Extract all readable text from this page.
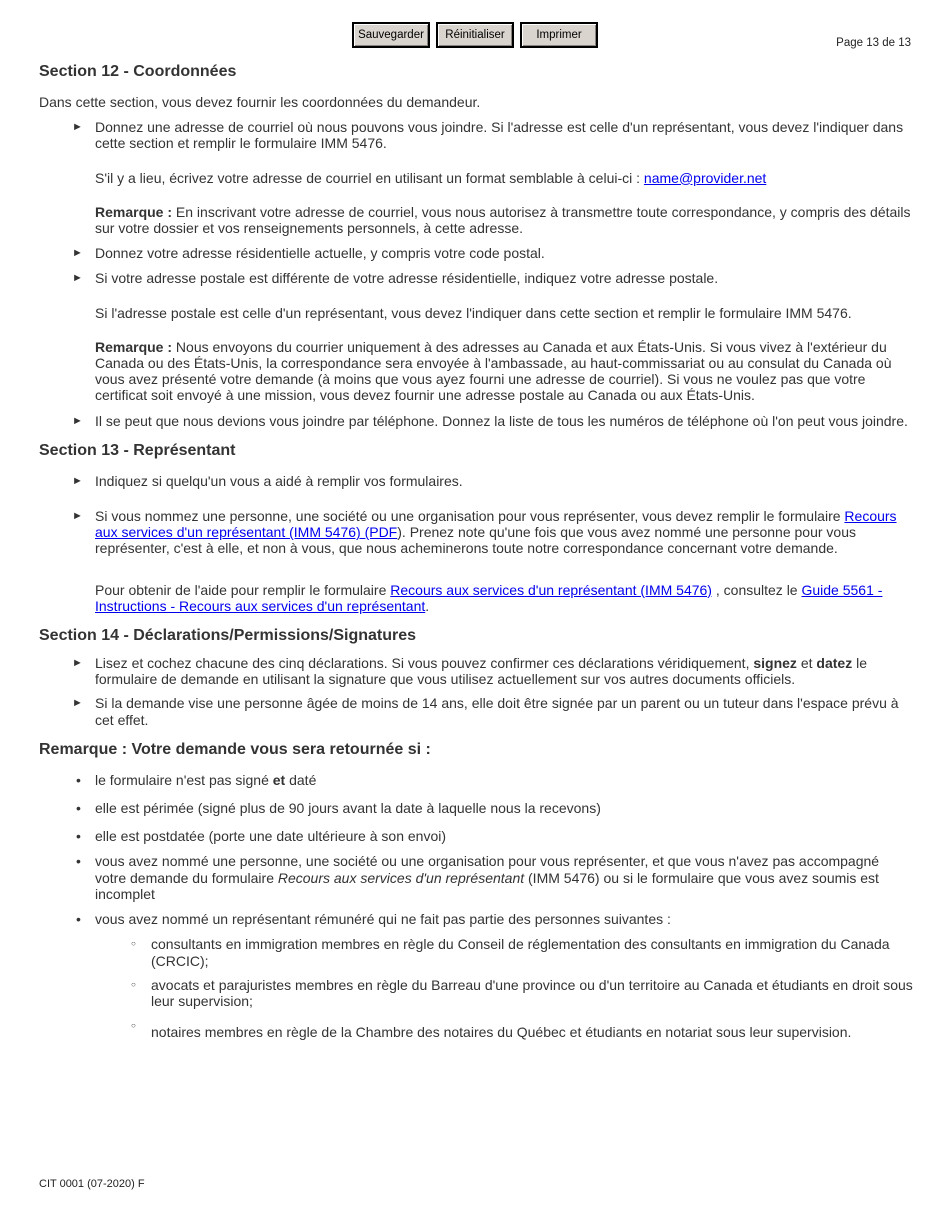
Sauvegarder	Réinitialiser	Imprimer
Page 13 de 13
Section 12 - Coordonnées

Dans cette section, vous devez fournir les coordonnées du demandeur.

► Donnez une adresse de courriel où nous pouvons vous joindre. Si l'adresse est celle d'un représentant, vous devez l'indiquer dans cette section et remplir le formulaire IMM 5476.

S'il y a lieu, écrivez votre adresse de courriel en utilisant un format semblable à celui-ci : name@provider.net

Remarque : En inscrivant votre adresse de courriel, vous nous autorisez à transmettre toute correspondance, y compris des détails sur votre dossier et vos renseignements personnels, à cette adresse.

► Donnez votre adresse résidentielle actuelle, y compris votre code postal.

► Si votre adresse postale est différente de votre adresse résidentielle, indiquez votre adresse postale.

Si l'adresse postale est celle d'un représentant, vous devez l'indiquer dans cette section et remplir le formulaire IMM 5476.

Remarque : Nous envoyons du courrier uniquement à des adresses au Canada et aux États-Unis. Si vous vivez à l'extérieur du Canada ou des États-Unis, la correspondance sera envoyée à l'ambassade, au haut-commissariat ou au consulat du Canada où vous avez présenté votre demande (à moins que vous ayez fourni une adresse de courriel). Si vous ne voulez pas que votre certificat soit envoyé à une mission, vous devez fournir une adresse postale au Canada ou aux États-Unis.

► Il se peut que nous devions vous joindre par téléphone. Donnez la liste de tous les numéros de téléphone où l'on peut vous joindre.

Section 13 - Représentant

► Indiquez si quelqu'un vous a aidé à remplir vos formulaires.

► Si vous nommez une personne, une société ou une organisation pour vous représenter, vous devez remplir le formulaire Recours aux services d'un représentant (IMM 5476) (PDF). Prenez note qu'une fois que vous avez nommé une personne pour vous représenter, c'est à elle, et non à vous, que nous acheminerons toute notre correspondance concernant votre demande.

Pour obtenir de l'aide pour remplir le formulaire Recours aux services d'un représentant (IMM 5476) , consultez le Guide 5561 - Instructions - Recours aux services d'un représentant.

Section 14 - Déclarations/Permissions/Signatures

► Lisez et cochez chacune des cinq déclarations. Si vous pouvez confirmer ces déclarations véridiquement, signez et datez le formulaire de demande en utilisant la signature que vous utilisez actuellement sur vos autres documents officiels.

► Si la demande vise une personne âgée de moins de 14 ans, elle doit être signée par un parent ou un tuteur dans l'espace prévu à cet effet.

Remarque : Votre demande vous sera retournée si :

• le formulaire n'est pas signé et daté

• elle est périmée (signé plus de 90 jours avant la date à laquelle nous la recevons)

• elle est postdatée (porte une date ultérieure à son envoi)

• vous avez nommé une personne, une société ou une organisation pour vous représenter, et que vous n'avez pas accompagné votre demande du formulaire Recours aux services d'un représentant (IMM 5476) ou si le formulaire que vous avez soumis est incomplet

• vous avez nommé un représentant rémunéré qui ne fait pas partie des personnes suivantes :

○ consultants en immigration membres en règle du Conseil de réglementation des consultants en immigration du Canada (CRCIC);

○ avocats et parajuristes membres en règle du Barreau d'une province ou d'un territoire au Canada et étudiants en droit sous leur supervision;

○ notaires membres en règle de la Chambre des notaires du Québec et étudiants en notariat sous leur supervision.

CIT 0001 (07-2020) F
